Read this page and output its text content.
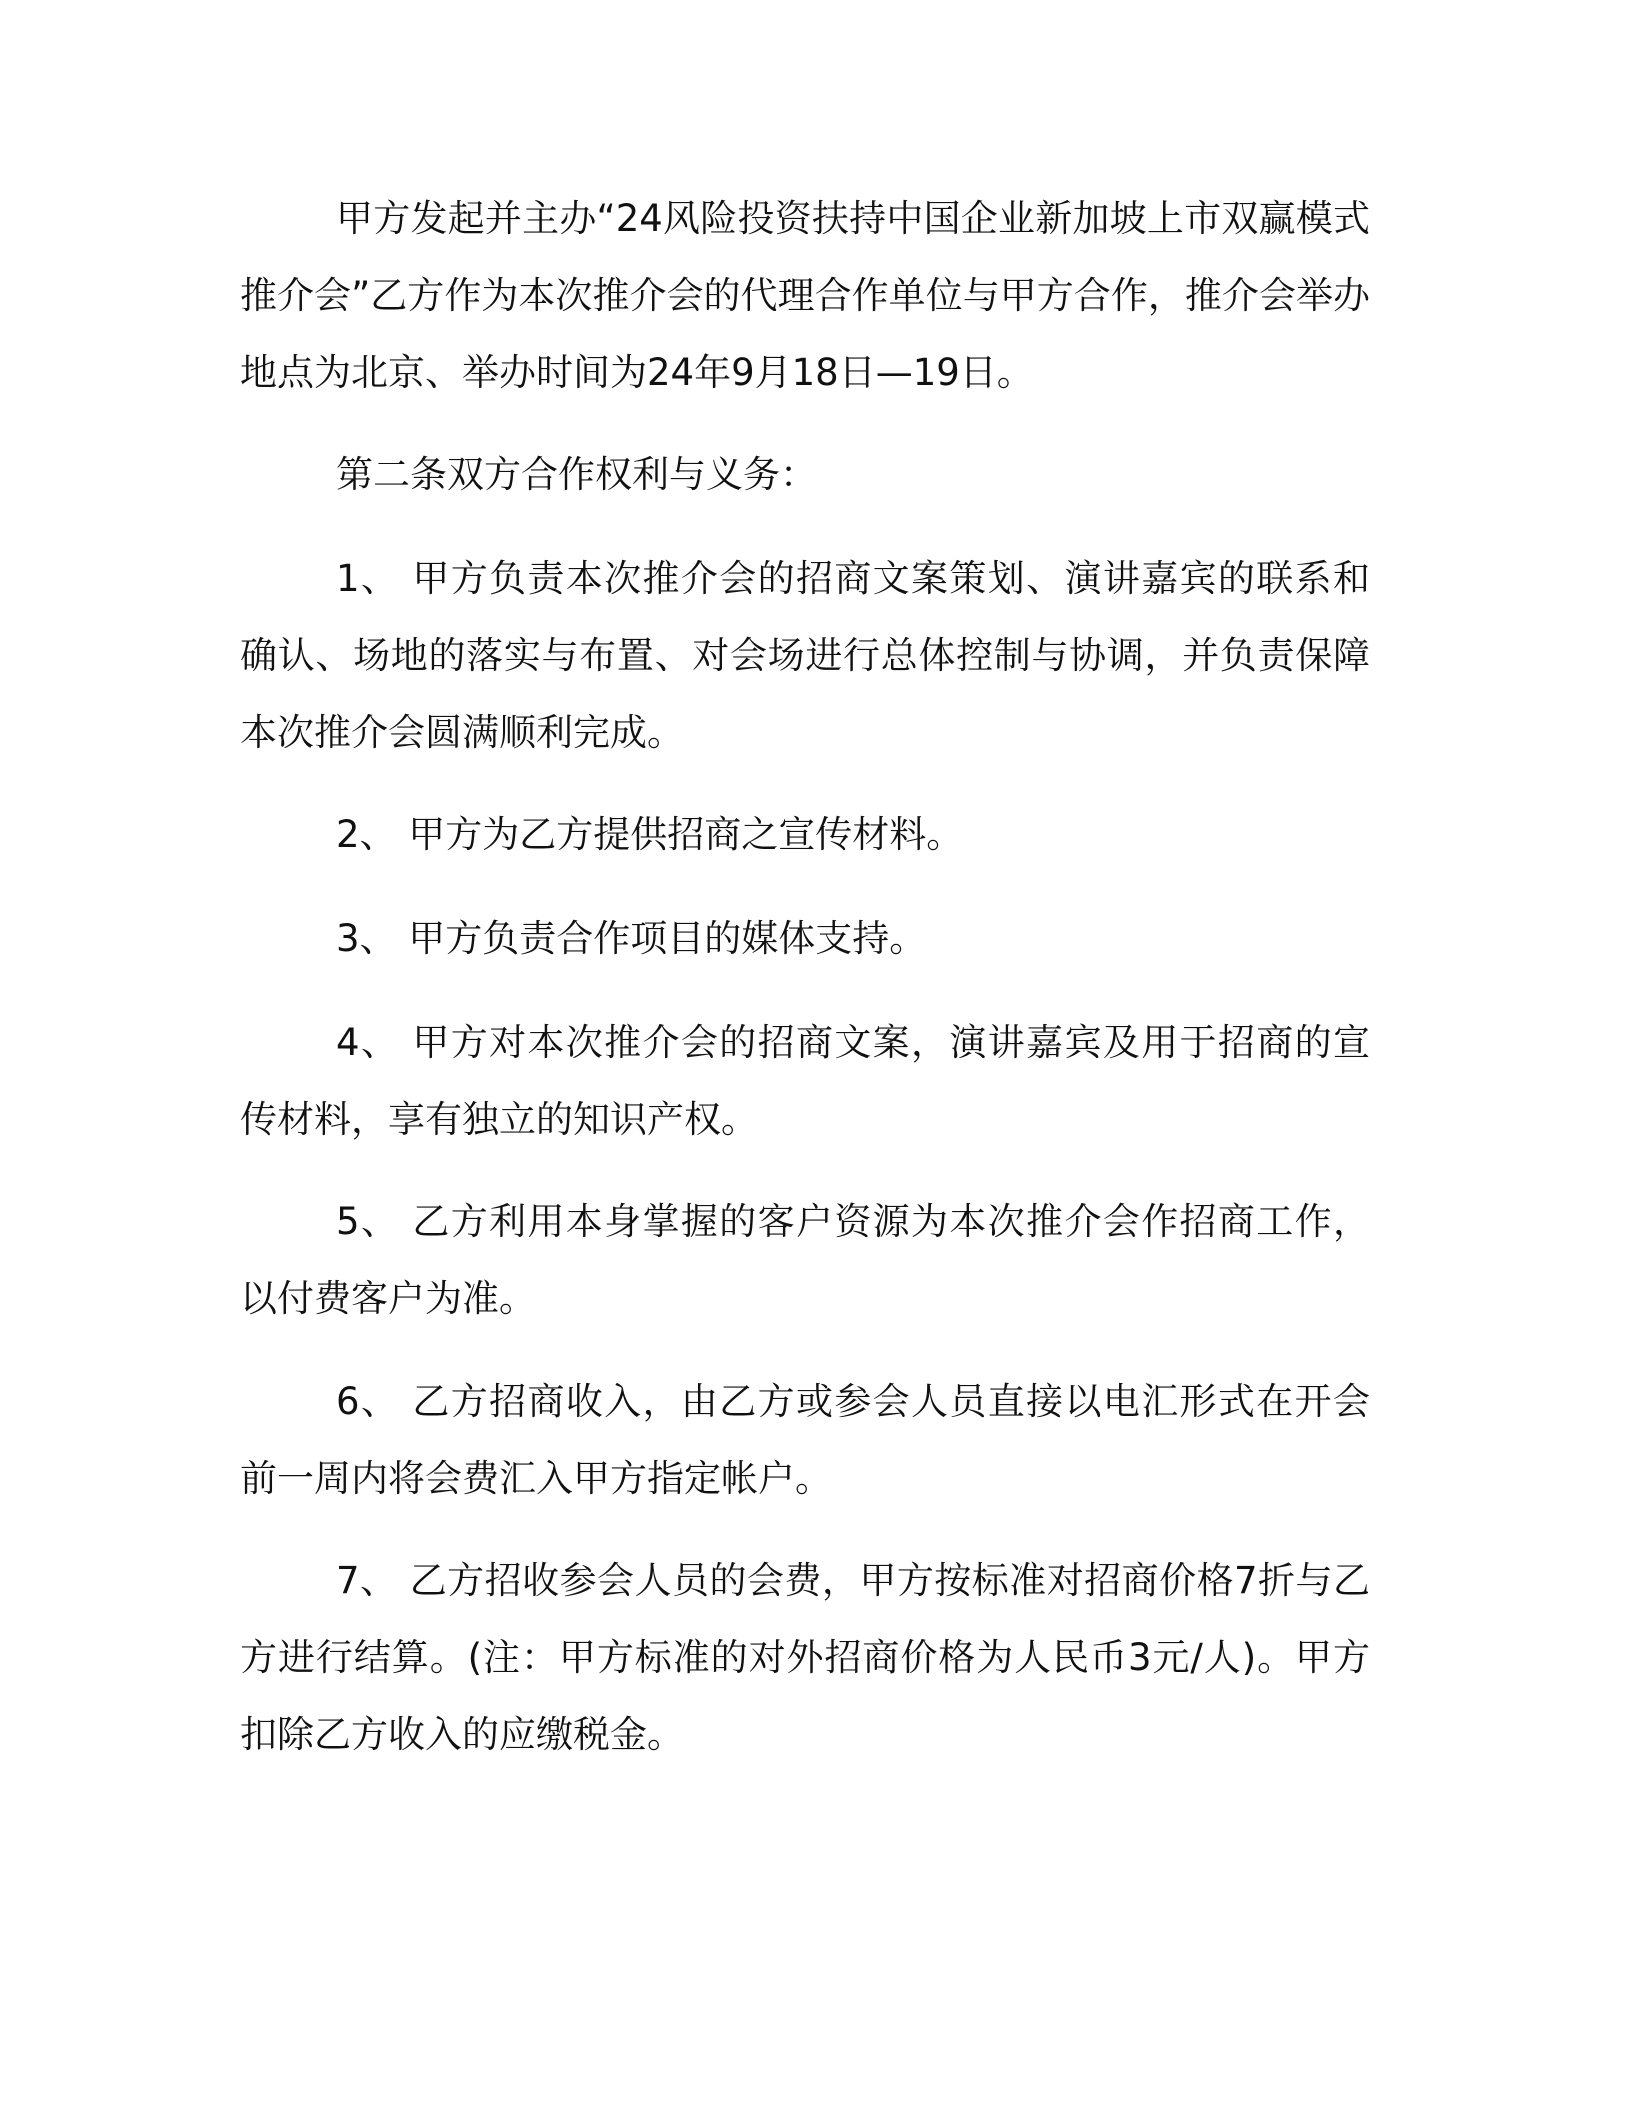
甲方发起并主办“24风险投资扶持中国企业新加坡上市双赢模式推介会”乙方作为本次推介会的代理合作单位与甲方合作，推介会举办地点为北京、举办时间为24年9月18日—19日。

第二条双方合作权利与义务：

1、 甲方负责本次推介会的招商文案策划、演讲嘉宾的联系和确认、场地的落实与布置、对会场进行总体控制与协调，并负责保障本次推介会圆满顺利完成。

2、 甲方为乙方提供招商之宣传材料。

3、 甲方负责合作项目的媒体支持。

4、 甲方对本次推介会的招商文案，演讲嘉宾及用于招商的宣传材料，享有独立的知识产权。

5、 乙方利用本身掌握的客户资源为本次推介会作招商工作，以付费客户为准。

6、 乙方招商收入，由乙方或参会人员直接以电汇形式在开会前一周内将会费汇入甲方指定帐户。

7、 乙方招收参会人员的会费，甲方按标准对招商价格7折与乙方进行结算。(注：甲方标准的对外招商价格为人民币3元/人)。甲方扣除乙方收入的应缴税金。
